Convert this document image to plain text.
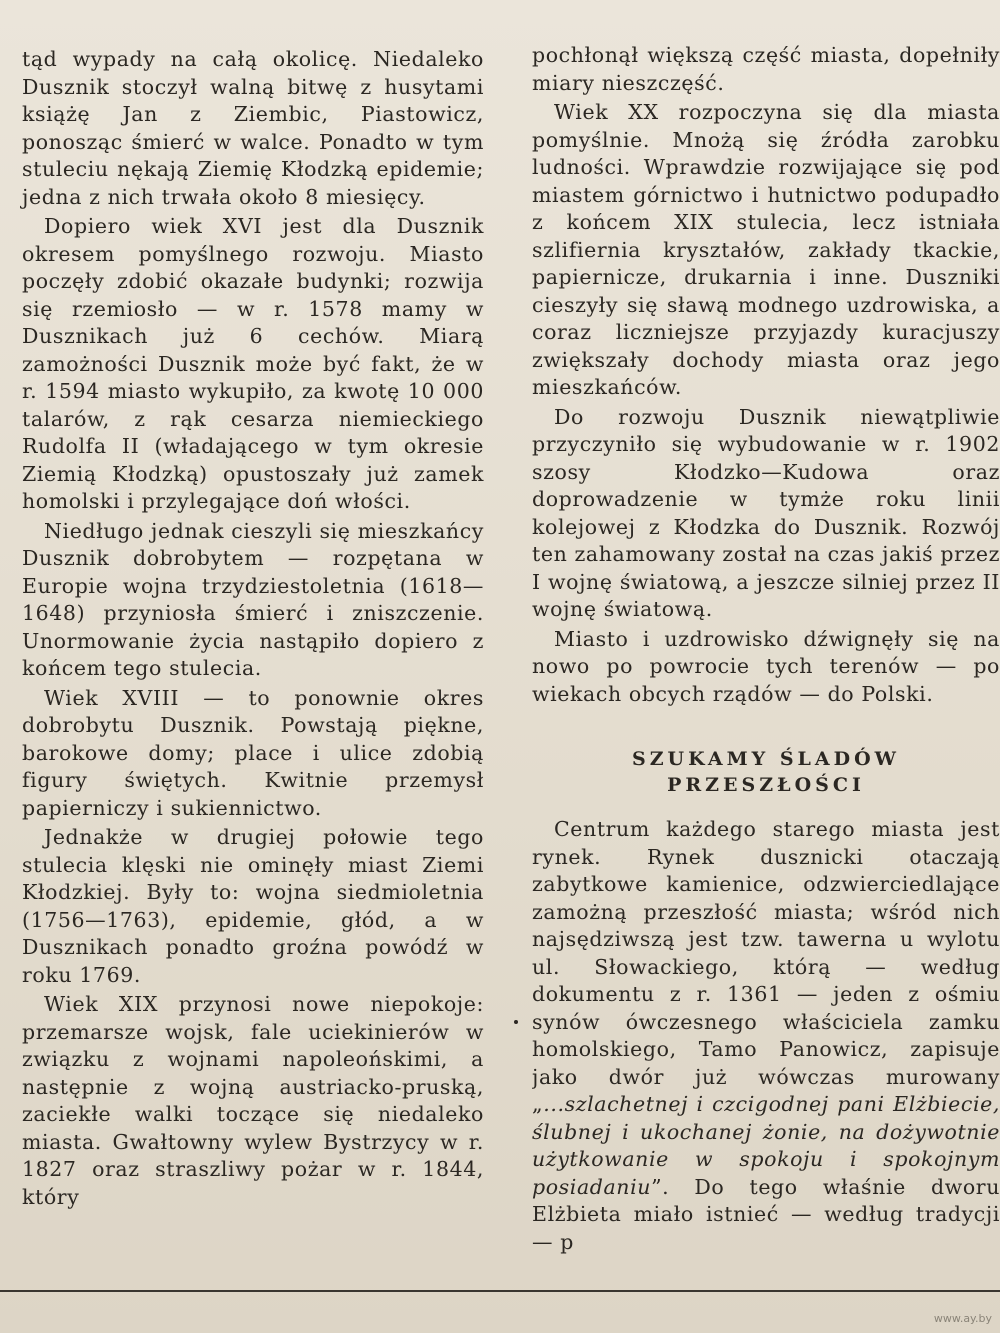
tąd wypady na całą okolicę. Niedaleko Dusznik stoczył walną bitwę z husytami książę Jan z Ziembic, Piastowicz, ponosząc śmierć w walce. Ponadto w tym stuleciu nękają Ziemię Kłodzką epidemie; jedna z nich trwała około 8 miesięcy.

Dopiero wiek XVI jest dla Dusznik okresem pomyślnego rozwoju. Miasto poczęły zdobić okazałe budynki; rozwija się rzemiosło — w r. 1578 mamy w Dusznikach już 6 cechów. Miarą zamożności Dusznik może być fakt, że w r. 1594 miasto wykupiło, za kwotę 10 000 talarów, z rąk cesarza niemieckiego Rudolfa II (władającego w tym okresie Ziemią Kłodzką) opustoszały już zamek homolski i przylegające doń włości.

Niedługo jednak cieszyli się mieszkańcy Dusznik dobrobytem — rozpętana w Europie wojna trzydziestoletnia (1618—1648) przyniosła śmierć i zniszczenie. Unormowanie życia nastąpiło dopiero z końcem tego stulecia.

Wiek XVIII — to ponownie okres dobrobytu Dusznik. Powstają piękne, barokowe domy; place i ulice zdobią figury świętych. Kwitnie przemysł papierniczy i sukiennictwo.

Jednakże w drugiej połowie tego stulecia klęski nie ominęły miast Ziemi Kłodzkiej. Były to: wojna siedmioletnia (1756—1763), epidemie, głód, a w Dusznikach ponadto groźna powódź w roku 1769.

Wiek XIX przynosi nowe niepokoje: przemarsze wojsk, fale uciekinierów w związku z wojnami napoleońskimi, a następnie z wojną austriacko-pruską, zaciekłe walki toczące się niedaleko miasta. Gwałtowny wylew Bystrzycy w r. 1827 oraz straszliwy pożar w r. 1844, który

pochłonął większą część miasta, dopełniły miary nieszczęść.

Wiek XX rozpoczyna się dla miasta pomyślnie. Mnożą się źródła zarobku ludności. Wprawdzie rozwijające się pod miastem górnictwo i hutnictwo podupadło z końcem XIX stulecia, lecz istniała szlifiernia kryształów, zakłady tkackie, papiernicze, drukarnia i inne. Duszniki cieszyły się sławą modnego uzdrowiska, a coraz liczniejsze przyjazdy kuracjuszy zwiększały dochody miasta oraz jego mieszkańców.

Do rozwoju Dusznik niewątpliwie przyczyniło się wybudowanie w r. 1902 szosy Kłodzko—Kudowa oraz doprowadzenie w tymże roku linii kolejowej z Kłodzka do Dusznik. Rozwój ten zahamowany został na czas jakiś przez I wojnę światową, a jeszcze silniej przez II wojnę światową.

Miasto i uzdrowisko dźwignęły się na nowo po powrocie tych terenów — po wiekach obcych rządów — do Polski.

SZUKAMY ŚLADÓW
PRZESZŁOŚCI

Centrum każdego starego miasta jest rynek. Rynek dusznicki otaczają zabytkowe kamienice, odzwierciedlające zamożną przeszłość miasta; wśród nich najsędziwszą jest tzw. tawerna u wylotu ul. Słowackiego, którą — według dokumentu z r. 1361 — jeden z ośmiu synów ówczesnego właściciela zamku homolskiego, Tamo Panowicz, zapisuje jako dwór już wówczas murowany „...szlachetnej i czcigodnej pani Elżbiecie, ślubnej i ukochanej żonie, na dożywotnie użytkowanie w spokoju i spokojnym posiadaniu”. Do tego właśnie dworu Elżbieta miało istnieć — według tradycji — p

www.ay.by
